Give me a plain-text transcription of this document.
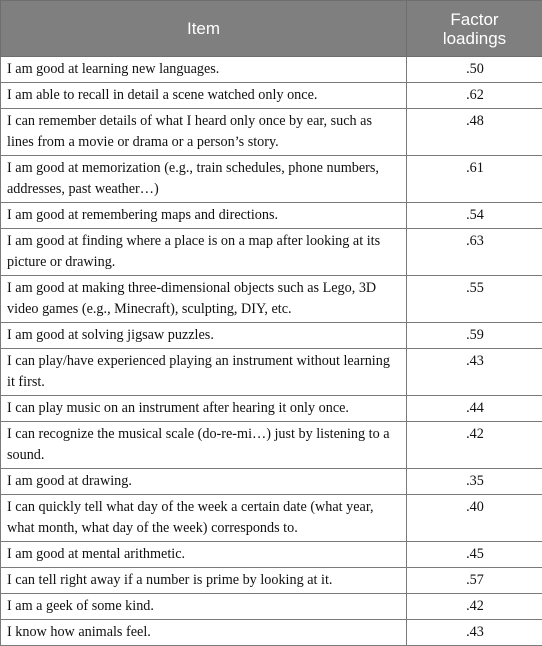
Item	Factor loadings
I am good at learning new languages.	.50
I am able to recall in detail a scene watched only once.	.62
I can remember details of what I heard only once by ear, such as lines from a movie or drama or a person’s story.	.48
I am good at memorization (e.g., train schedules, phone numbers, addresses, past weather…)	.61
I am good at remembering maps and directions.	.54
I am good at finding where a place is on a map after looking at its picture or drawing.	.63
I am good at making three-dimensional objects such as Lego, 3D video games (e.g., Minecraft), sculpting, DIY, etc.	.55
I am good at solving jigsaw puzzles.	.59
I can play/have experienced playing an instrument without learning it first.	.43
I can play music on an instrument after hearing it only once.	.44
I can recognize the musical scale (do-re-mi…) just by listening to a sound.	.42
I am good at drawing.	.35
I can quickly tell what day of the week a certain date (what year, what month, what day of the week) corresponds to.	.40
I am good at mental arithmetic.	.45
I can tell right away if a number is prime by looking at it.	.57
I am a geek of some kind.	.42
I know how animals feel.	.43
